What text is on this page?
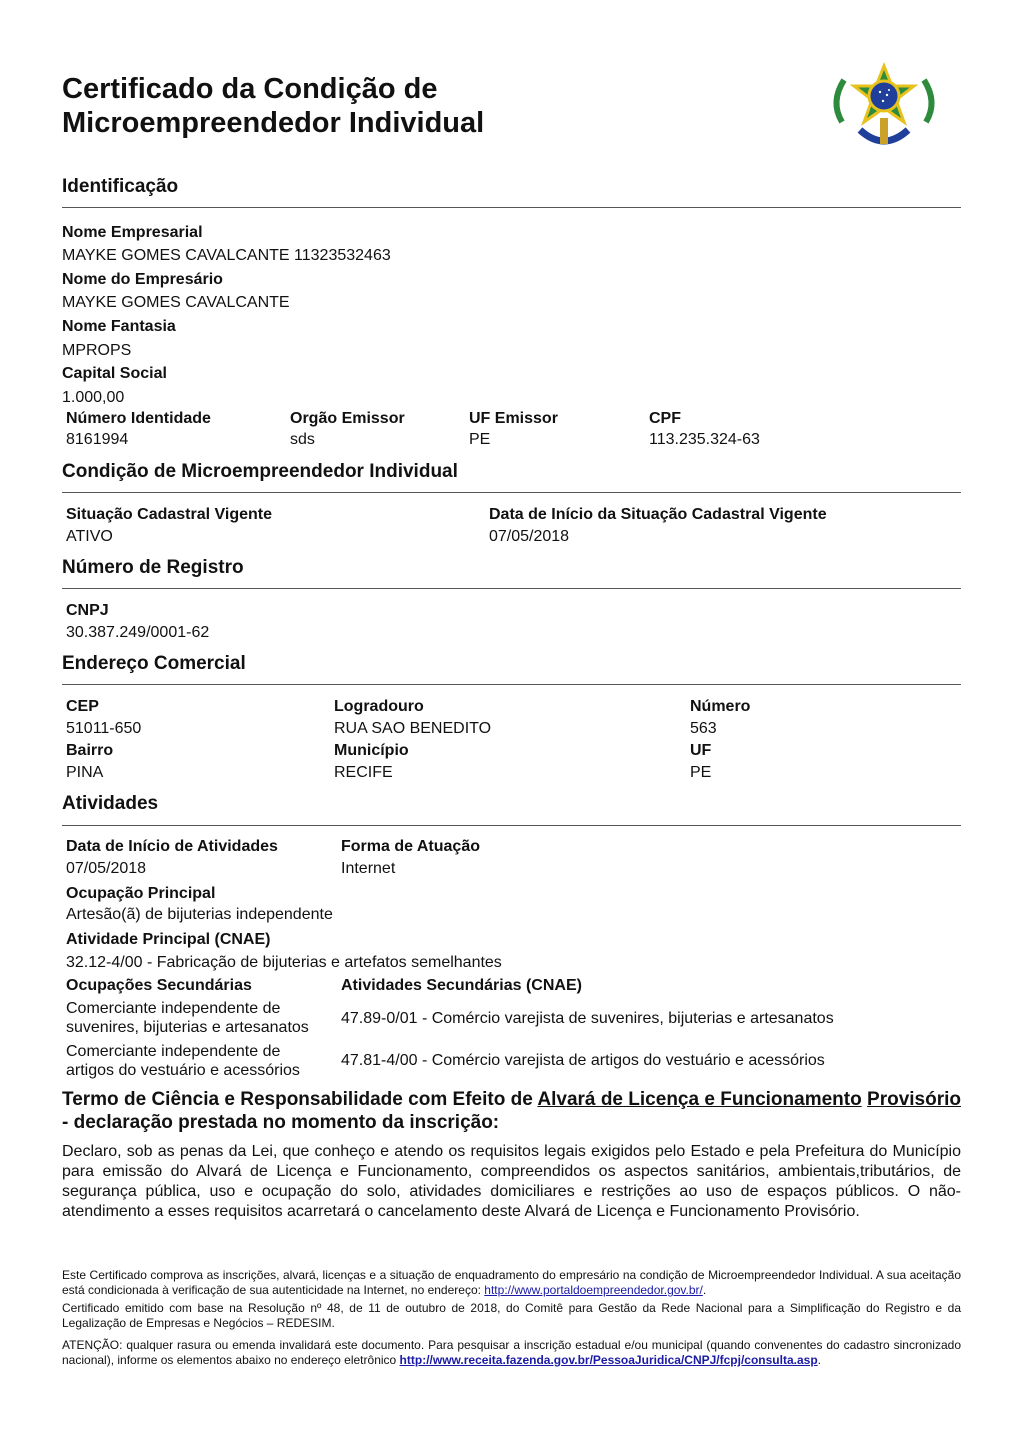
Certificado da Condição de
Microempreendedor Individual
Identificação
Nome Empresarial
MAYKE GOMES CAVALCANTE 11323532463
Nome do Empresário
MAYKE GOMES CAVALCANTE
Nome Fantasia
MPROPS
Capital Social
1.000,00
Número Identidade
8161994
Orgão Emissor
sds
UF Emissor
PE
CPF
113.235.324-63
Condição de Microempreendedor Individual
Situação Cadastral Vigente
ATIVO
Data de Início da Situação Cadastral Vigente
07/05/2018
Número de Registro
CNPJ
30.387.249/0001-62
Endereço Comercial
CEP
51011-650
Logradouro
RUA SAO BENEDITO
Número
563
Bairro
PINA
Município
RECIFE
UF
PE
Atividades
Data de Início de Atividades
07/05/2018
Forma de Atuação
Internet
Ocupação Principal
Artesão(ã) de bijuterias independente
Atividade Principal (CNAE)
32.12-4/00 - Fabricação de bijuterias e artefatos semelhantes
Ocupações Secundárias	Atividades Secundárias (CNAE)
Comerciante independente de
suvenires, bijuterias e artesanatos
47.89-0/01 - Comércio varejista de suvenires, bijuterias e artesanatos
Comerciante independente de
artigos do vestuário e acessórios
47.81-4/00 - Comércio varejista de artigos do vestuário e acessórios
Termo de Ciência e Responsabilidade com Efeito de Alvará de Licença e Funcionamento Provisório - declaração prestada no momento da inscrição:
Declaro, sob as penas da Lei, que conheço e atendo os requisitos legais exigidos pelo Estado e pela Prefeitura do Município para emissão do Alvará de Licença e Funcionamento, compreendidos os aspectos sanitários, ambientais,tributários, de segurança pública, uso e ocupação do solo, atividades domiciliares e restrições ao uso de espaços públicos. O não-atendimento a esses requisitos acarretará o cancelamento deste Alvará de Licença e Funcionamento Provisório.
Este Certificado comprova as inscrições, alvará, licenças e a situação de enquadramento do empresário na condição de Microempreendedor Individual. A sua aceitação está condicionada à verificação de sua autenticidade na Internet, no endereço: http://www.portaldoempreendedor.gov.br/.
Certificado emitido com base na Resolução nº 48, de 11 de outubro de 2018, do Comitê para Gestão da Rede Nacional para a Simplificação do Registro e da Legalização de Empresas e Negócios – REDESIM.
ATENÇÃO: qualquer rasura ou emenda invalidará este documento. Para pesquisar a inscrição estadual e/ou municipal (quando convenentes do cadastro sincronizado nacional), informe os elementos abaixo no endereço eletrônico http://www.receita.fazenda.gov.br/PessoaJuridica/CNPJ/fcpj/consulta.asp.
